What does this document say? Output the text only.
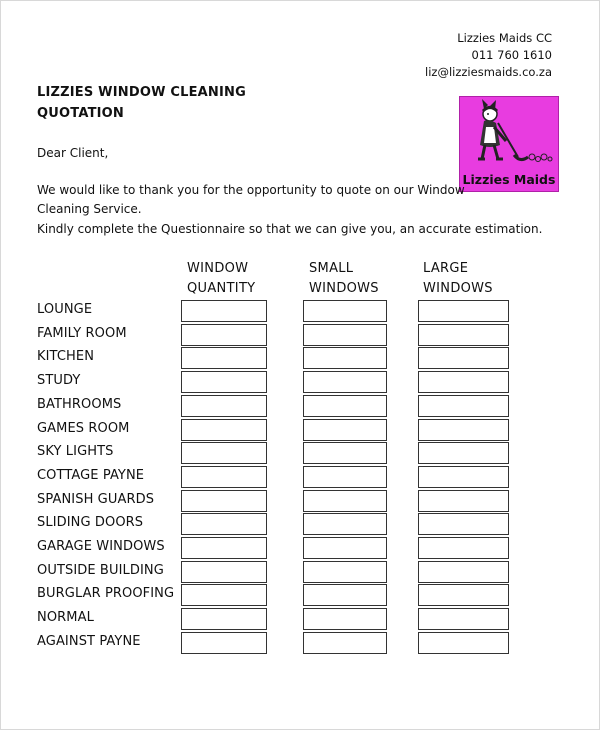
Lizzies Maids CC
011 760 1610
liz@lizziesmaids.co.za
LIZZIES WINDOW CLEANING
QUOTATION
Lizzies Maids

Dear Client,

We would like to thank you for the opportunity to quote on our Window

Cleaning Service.

Kindly complete the Questionnaire so that we can give you, an accurate estimation.

WINDOW
QUANTITY
SMALL
WINDOWS
LARGE
WINDOWS
LOUNGE
FAMILY ROOM
KITCHEN
STUDY
BATHROOMS
GAMES ROOM
SKY LIGHTS
COTTAGE PAYNE
SPANISH GUARDS
SLIDING DOORS
GARAGE WINDOWS
OUTSIDE BUILDING
BURGLAR PROOFING
NORMAL
AGAINST PAYNE
